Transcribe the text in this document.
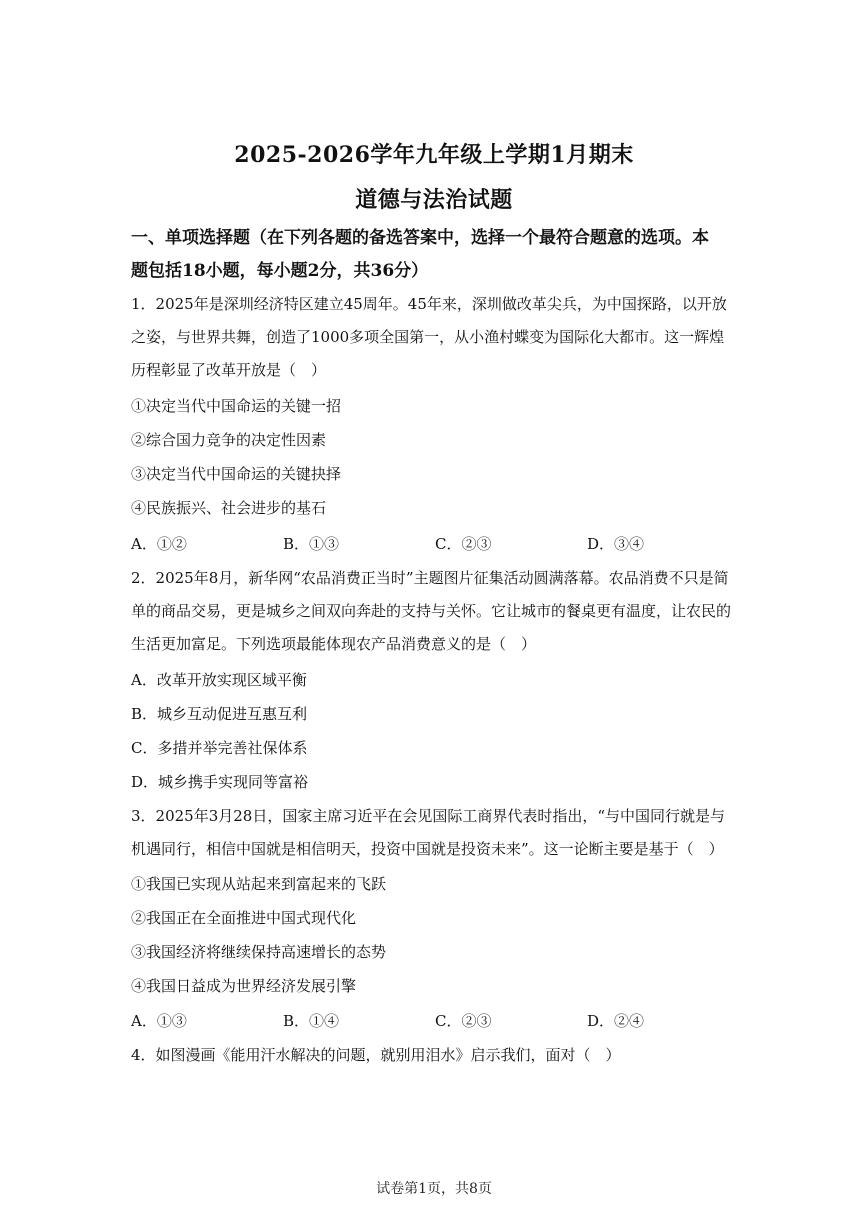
2025-2026学年九年级上学期1月期末
道德与法治试题
一、单项选择题（在下列各题的备选答案中，选择一个最符合题意的选项。本
题包括18小题，每小题2分，共36分）
1．2025年是深圳经济特区建立45周年。45年来，深圳做改革尖兵，为中国探路，以开放
之姿，与世界共舞，创造了1000多项全国第一，从小渔村蝶变为国际化大都市。这一辉煌
历程彰显了改革开放是（　）
①决定当代中国命运的关键一招
②综合国力竞争的决定性因素
③决定当代中国命运的关键抉择
④民族振兴、社会进步的基石
A．①②	B．①③	C．②③	D．③④
2．2025年8月，新华网“农品消费正当时”主题图片征集活动圆满落幕。农品消费不只是简
单的商品交易，更是城乡之间双向奔赴的支持与关怀。它让城市的餐桌更有温度，让农民的
生活更加富足。下列选项最能体现农产品消费意义的是（　）
A．改革开放实现区域平衡
B．城乡互动促进互惠互利
C．多措并举完善社保体系
D．城乡携手实现同等富裕
3．2025年3月28日，国家主席习近平在会见国际工商界代表时指出，“与中国同行就是与
机遇同行，相信中国就是相信明天，投资中国就是投资未来”。这一论断主要是基于（　）
①我国已实现从站起来到富起来的飞跃
②我国正在全面推进中国式现代化
③我国经济将继续保持高速增长的态势
④我国日益成为世界经济发展引擎
A．①③	B．①④	C．②③	D．②④
4．如图漫画《能用汗水解决的问题，就别用泪水》启示我们，面对（　）
试卷第1页，共8页
